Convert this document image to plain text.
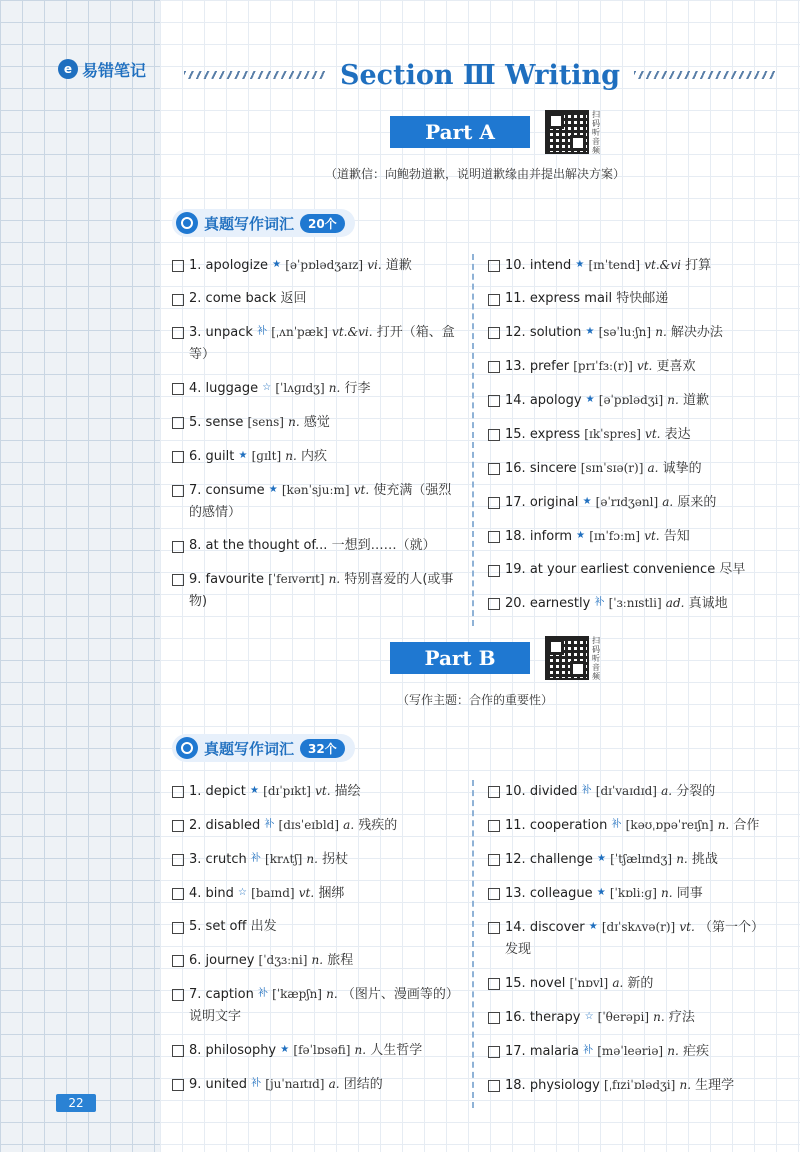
e 易错笔记	Section Ⅲ Writing
Part A
扫码听音频
（道歉信：向鲍勃道歉，说明道歉缘由并提出解决方案）
真题写作词汇	20个
1. apologize ★ [əˈpɒlədʒaɪz] vi. 道歉
2. come back 返回
3. unpack $^补$ [ˌʌnˈpæk] vt.&vi. 打开（箱、盒等）
4. luggage ☆ [ˈlʌɡɪdʒ] n. 行李
5. sense [sens] n. 感觉
6. guilt ★ [ɡɪlt] n. 内疚
7. consume ★ [kənˈsjuːm] vt. 使充满（强烈的感情）
8. at the thought of... 一想到……（就）
9. favourite [ˈfeɪvərɪt] n. 特别喜爱的人(或事物)
10. intend ★ [ɪnˈtend] vt.&vi 打算
11. express mail 特快邮递
12. solution ★ [səˈluːʃn] n. 解决办法
13. prefer [prɪˈfɜː(r)] vt. 更喜欢
14. apology ★ [əˈpɒlədʒi] n. 道歉
15. express [ɪkˈspres] vt. 表达
16. sincere [sɪnˈsɪə(r)] a. 诚挚的
17. original ★ [əˈrɪdʒənl] a. 原来的
18. inform ★ [ɪnˈfɔːm] vt. 告知
19. at your earliest convenience 尽早
20. earnestly $^补$ [ˈɜːnɪstli] ad. 真诚地
Part B
扫码听音频
（写作主题：合作的重要性）
真题写作词汇	32个
1. depict ★ [dɪˈpɪkt] vt. 描绘
2. disabled $^补$ [dɪsˈeɪbld] a. 残疾的
3. crutch $^补$ [krʌtʃ] n. 拐杖
4. bind ☆ [baɪnd] vt. 捆绑
5. set off 出发
6. journey [ˈdʒɜːni] n. 旅程
7. caption $^补$ [ˈkæpʃn] n. （图片、漫画等的）说明文字
8. philosophy ★ [fəˈlɒsəfi] n. 人生哲学
9. united $^补$ [juˈnaɪtɪd] a. 团结的
10. divided $^补$ [dɪˈvaɪdɪd] a. 分裂的
11. cooperation $^补$ [kəʊˌɒpəˈreɪʃn] n. 合作
12. challenge ★ [ˈtʃælɪndʒ] n. 挑战
13. colleague ★ [ˈkɒliːɡ] n. 同事
14. discover ★ [dɪˈskʌvə(r)] vt. （第一个）发现
15. novel [ˈnɒvl] a. 新的
16. therapy ☆ [ˈθerəpi] n. 疗法
17. malaria $^补$ [məˈleəriə] n. 疟疾
18. physiology [ˌfɪziˈɒlədʒi] n. 生理学
22
